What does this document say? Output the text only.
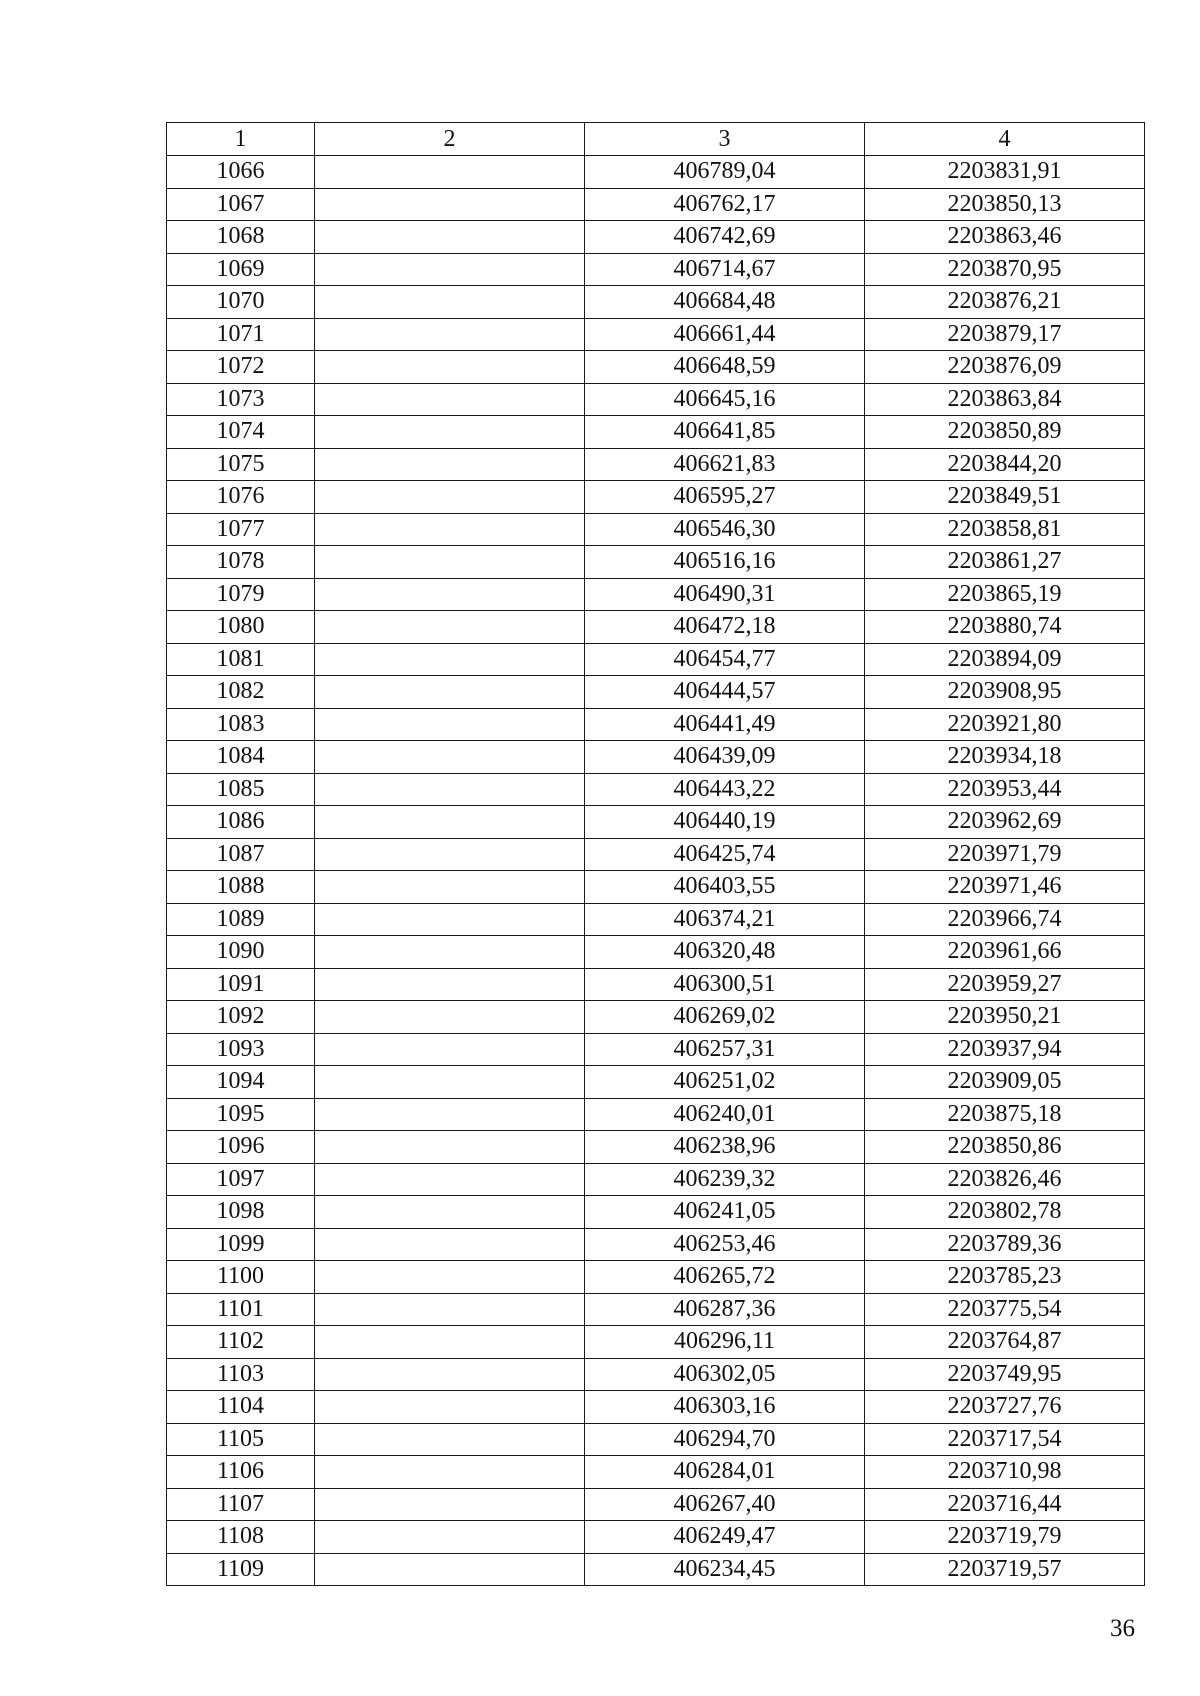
1	2	3	4
1066		406789,04	2203831,91
1067		406762,17	2203850,13
1068		406742,69	2203863,46
1069		406714,67	2203870,95
1070		406684,48	2203876,21
1071		406661,44	2203879,17
1072		406648,59	2203876,09
1073		406645,16	2203863,84
1074		406641,85	2203850,89
1075		406621,83	2203844,20
1076		406595,27	2203849,51
1077		406546,30	2203858,81
1078		406516,16	2203861,27
1079		406490,31	2203865,19
1080		406472,18	2203880,74
1081		406454,77	2203894,09
1082		406444,57	2203908,95
1083		406441,49	2203921,80
1084		406439,09	2203934,18
1085		406443,22	2203953,44
1086		406440,19	2203962,69
1087		406425,74	2203971,79
1088		406403,55	2203971,46
1089		406374,21	2203966,74
1090		406320,48	2203961,66
1091		406300,51	2203959,27
1092		406269,02	2203950,21
1093		406257,31	2203937,94
1094		406251,02	2203909,05
1095		406240,01	2203875,18
1096		406238,96	2203850,86
1097		406239,32	2203826,46
1098		406241,05	2203802,78
1099		406253,46	2203789,36
1100		406265,72	2203785,23
1101		406287,36	2203775,54
1102		406296,11	2203764,87
1103		406302,05	2203749,95
1104		406303,16	2203727,76
1105		406294,70	2203717,54
1106		406284,01	2203710,98
1107		406267,40	2203716,44
1108		406249,47	2203719,79
1109		406234,45	2203719,57
36
